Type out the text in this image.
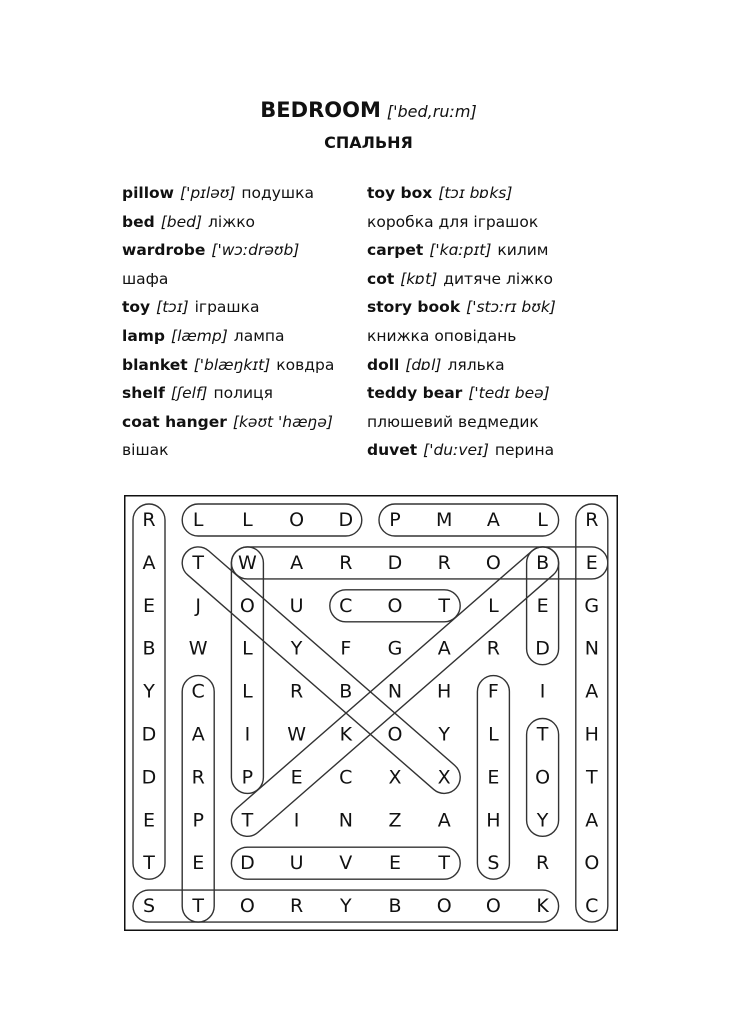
BEDROOM ['bed,ruːm]
СПАЛЬНЯ
pillow ['pɪləʊ] подушка
bed [bed] ліжко
wardrobe ['wɔːdrəʊb]
шафа
toy [tɔɪ] іграшка
lamp [læmp] лампа
blanket ['blæŋkɪt] ковдра
shelf [ʃelf] полиця
coat hanger [kəʊt 'hæŋə]
вішак
toy box [tɔɪ bɒks]
коробка для іграшок
carpet ['kɑːpɪt] килим
cot [kɒt] дитяче ліжко
story book ['stɔːrɪ bʊk]
книжка оповідань
doll [dɒl] лялька
teddy bear ['tedɪ beə]
плюшевий ведмедик
duvet ['duːveɪ] перина
R L L O D P M A L R
A T W A R D R O B E
E J O U C O T L E G
B W L Y F G A R D N
Y C L R B N H F I A
D A I W K O Y L T H
D R P E C X X E O T
E P T I N Z A H Y A
T E D U V E T S R O
S T O R Y B O O K C
